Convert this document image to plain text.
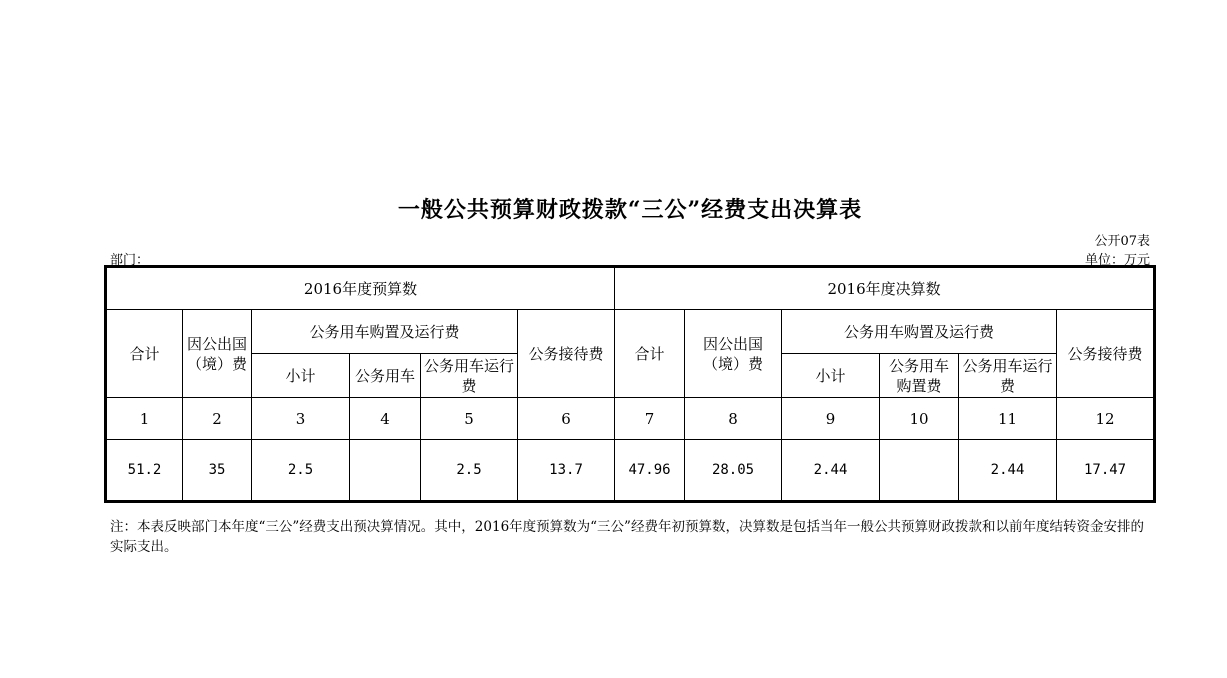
一般公共预算财政拨款“三公”经费支出决算表
公开07表
部门：	单位：万元
2016年度预算数						2016年度决算数					
合计	因公出国（境）费	公务用车购置及运行费			公务接待费	合计	因公出国（境）费	公务用车购置及运行费			公务接待费
		小计	公务用车	公务用车运行费				小计	公务用车购置费	公务用车运行费	
1	2	3	4	5	6	7	8	9	10	11	12
51.2	35	2.5		2.5	13.7	47.96	28.05	2.44		2.44	17.47
注：本表反映部门本年度“三公”经费支出预决算情况。其中，2016年度预算数为“三公”经费年初预算数，决算数是包括当年一般公共预算财政拨款和以前年度结转资金安排的实际支出。
